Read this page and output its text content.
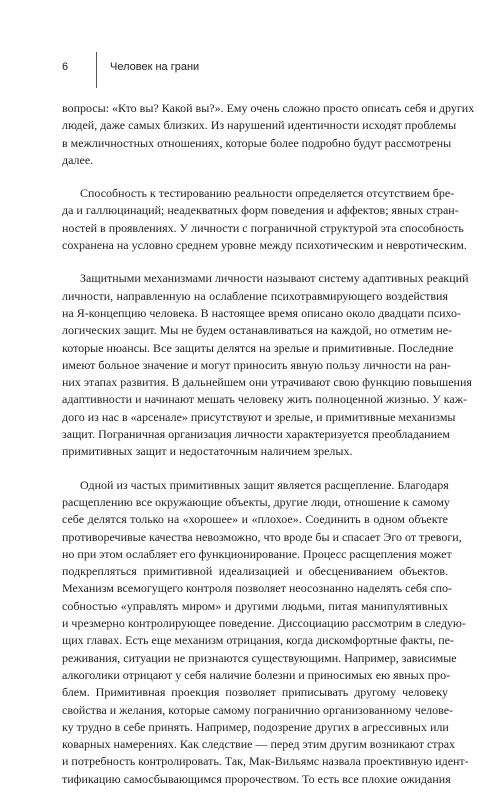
6	Человек на грани
вопросы: «Кто вы? Какой вы?». Ему очень сложно просто описать себя и других
людей, даже самых близких. Из нарушений идентичности исходят проблемы
в межличностных отношениях, которые более подробно будут рассмотрены
далее.
Способность к тестированию реальности определяется отсутствием бре-
да и галлюцинаций; неадекватных форм поведения и аффектов; явных стран-
ностей в проявлениях. У личности с пограничной структурой эта способность
сохранена на условно среднем уровне между психотическим и невротическим.
Защитными механизмами личности называют систему адаптивных реакций
личности, направленную на ослабление психотравмирующего воздействия
на Я-концепцию человека. В настоящее время описано около двадцати психо-
логических защит. Мы не будем останавливаться на каждой, но отметим не-
которые нюансы. Все защиты делятся на зрелые и примитивные. Последние
имеют больное значение и могут приносить явную пользу личности на ран-
них этапах развития. В дальнейшем они утрачивают свою функцию повышения
адаптивности и начинают мешать человеку жить полноценной жизнью. У каж-
дого из нас в «арсенале» присутствуют и зрелые, и примитивные механизмы
защит. Пограничная организация личности характеризуется преобладанием
примитивных защит и недостаточным наличием зрелых.
Одной из частых примитивных защит является расщепление. Благодаря
расщеплению все окружающие объекты, другие люди, отношение к самому
себе делятся только на «хорошее» и «плохое». Соединить в одном объекте
противоречивые качества невозможно, что вроде бы и спасает Эго от тревоги,
но при этом ослабляет его функционирование. Процесс расщепления может
подкрепляться примитивной идеализацией и обесцениванием объектов.
Механизм всемогущего контроля позволяет неосознанно наделять себя спо-
собностью «управлять миром» и другими людьми, питая манипулятивных
и чрезмерно контролирующее поведение. Диссоциацию рассмотрим в следую-
щих главах. Есть еще механизм отрицания, когда дискомфортные факты, пе-
реживания, ситуации не признаются существующими. Например, зависимые
алкоголики отрицают у себя наличие болезни и приносимых ею явных про-
блем. Примитивная проекция позволяет приписывать другому человеку
свойства и желания, которые самому пограничнио организованному челове-
ку трудно в себе принять. Например, подозрение других в агрессивных или
коварных намерениях. Как следствие — перед этим другим возникают страх
и потребность контролировать. Так, Мак-Вильямс назвала проективную идент-
тификацию самосбывающимся пророчеством. То есть все плохие ожидания
